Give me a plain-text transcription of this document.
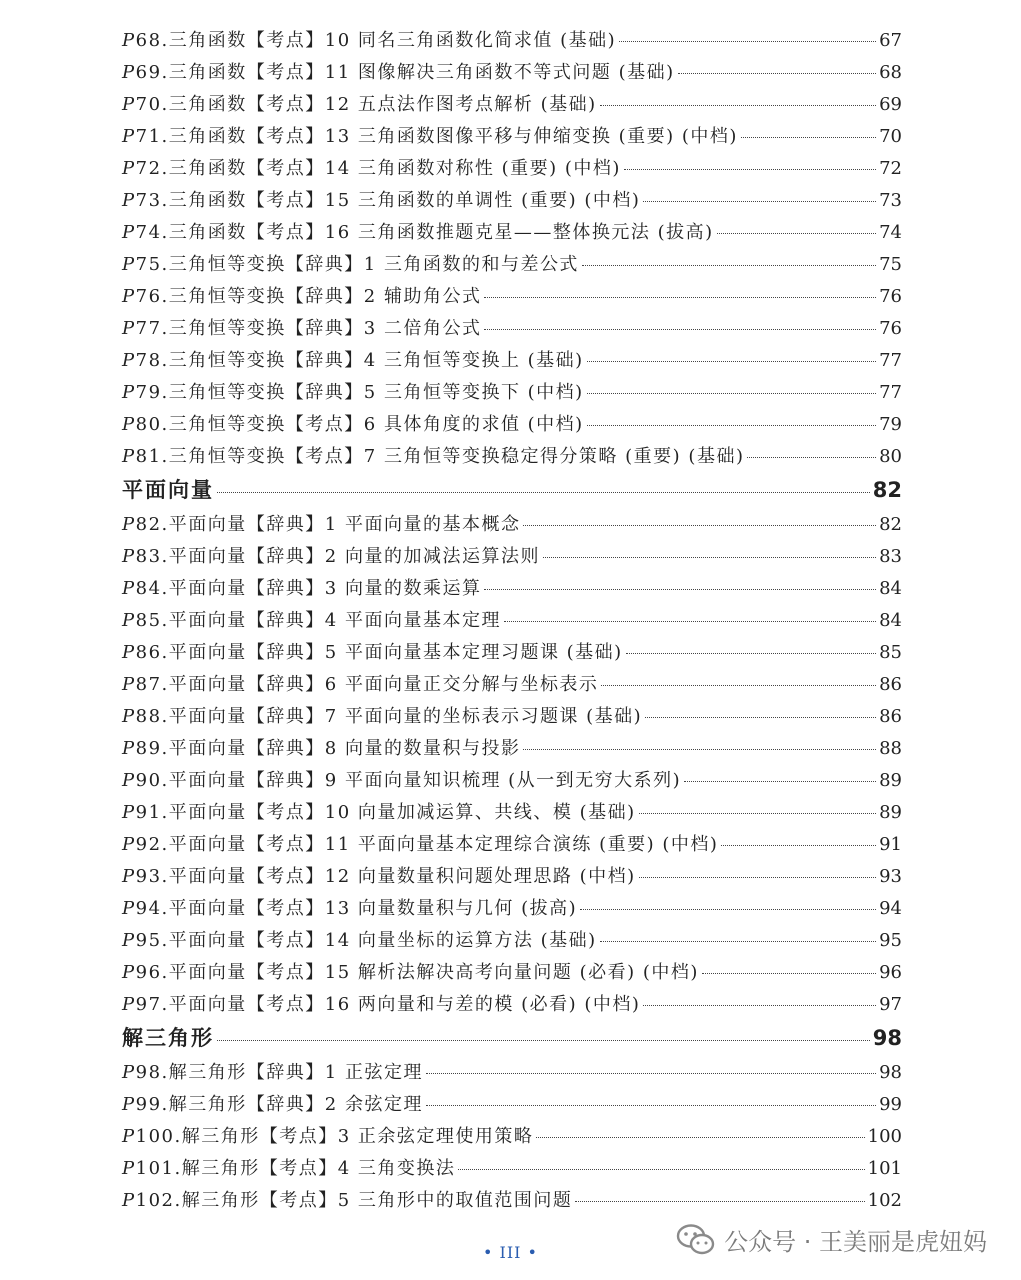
P 68. 三角函数【考点】10 同名三角函数化简求值 (基础)	67
P 69. 三角函数【考点】11 图像解决三角函数不等式问题 (基础)	68
P 70. 三角函数【考点】12 五点法作图考点解析 (基础)	69
P 71. 三角函数【考点】13 三角函数图像平移与伸缩变换 (重要) (中档)	70
P 72. 三角函数【考点】14 三角函数对称性 (重要) (中档)	72
P 73. 三角函数【考点】15 三角函数的单调性 (重要) (中档)	73
P 74. 三角函数【考点】16 三角函数推题克星——整体换元法 (拔高)	74
P 75. 三角恒等变换【辞典】1 三角函数的和与差公式	75
P 76. 三角恒等变换【辞典】2 辅助角公式	76
P 77. 三角恒等变换【辞典】3 二倍角公式	76
P 78. 三角恒等变换【辞典】4 三角恒等变换上 (基础)	77
P 79. 三角恒等变换【辞典】5 三角恒等变换下 (中档)	77
P 80. 三角恒等变换【考点】6 具体角度的求值 (中档)	79
P 81. 三角恒等变换【考点】7 三角恒等变换稳定得分策略 (重要) (基础)	80
平面向量	82
P 82. 平面向量【辞典】1 平面向量的基本概念	82
P 83. 平面向量【辞典】2 向量的加减法运算法则	83
P 84. 平面向量【辞典】3 向量的数乘运算	84
P 85. 平面向量【辞典】4 平面向量基本定理	84
P 86. 平面向量【辞典】5 平面向量基本定理习题课 (基础)	85
P 87. 平面向量【辞典】6 平面向量正交分解与坐标表示	86
P 88. 平面向量【辞典】7 平面向量的坐标表示习题课 (基础)	86
P 89. 平面向量【辞典】8 向量的数量积与投影	88
P 90. 平面向量【辞典】9 平面向量知识梳理 (从一到无穷大系列)	89
P 91. 平面向量【考点】10 向量加减运算、共线、模 (基础)	89
P 92. 平面向量【考点】11 平面向量基本定理综合演练 (重要) (中档)	91
P 93. 平面向量【考点】12 向量数量积问题处理思路 (中档)	93
P 94. 平面向量【考点】13 向量数量积与几何 (拔高)	94
P 95. 平面向量【考点】14 向量坐标的运算方法 (基础)	95
P 96. 平面向量【考点】15 解析法解决高考向量问题 (必看) (中档)	96
P 97. 平面向量【考点】16 两向量和与差的模 (必看) (中档)	97
解三角形	98
P 98. 解三角形【辞典】1 正弦定理	98
P 99. 解三角形【辞典】2 余弦定理	99
P 100. 解三角形【考点】3 正余弦定理使用策略	100
P 101. 解三角形【考点】4 三角变换法	101
P 102. 解三角形【考点】5 三角形中的取值范围问题	102
• III •	公众号 · 王美丽是虎妞妈
